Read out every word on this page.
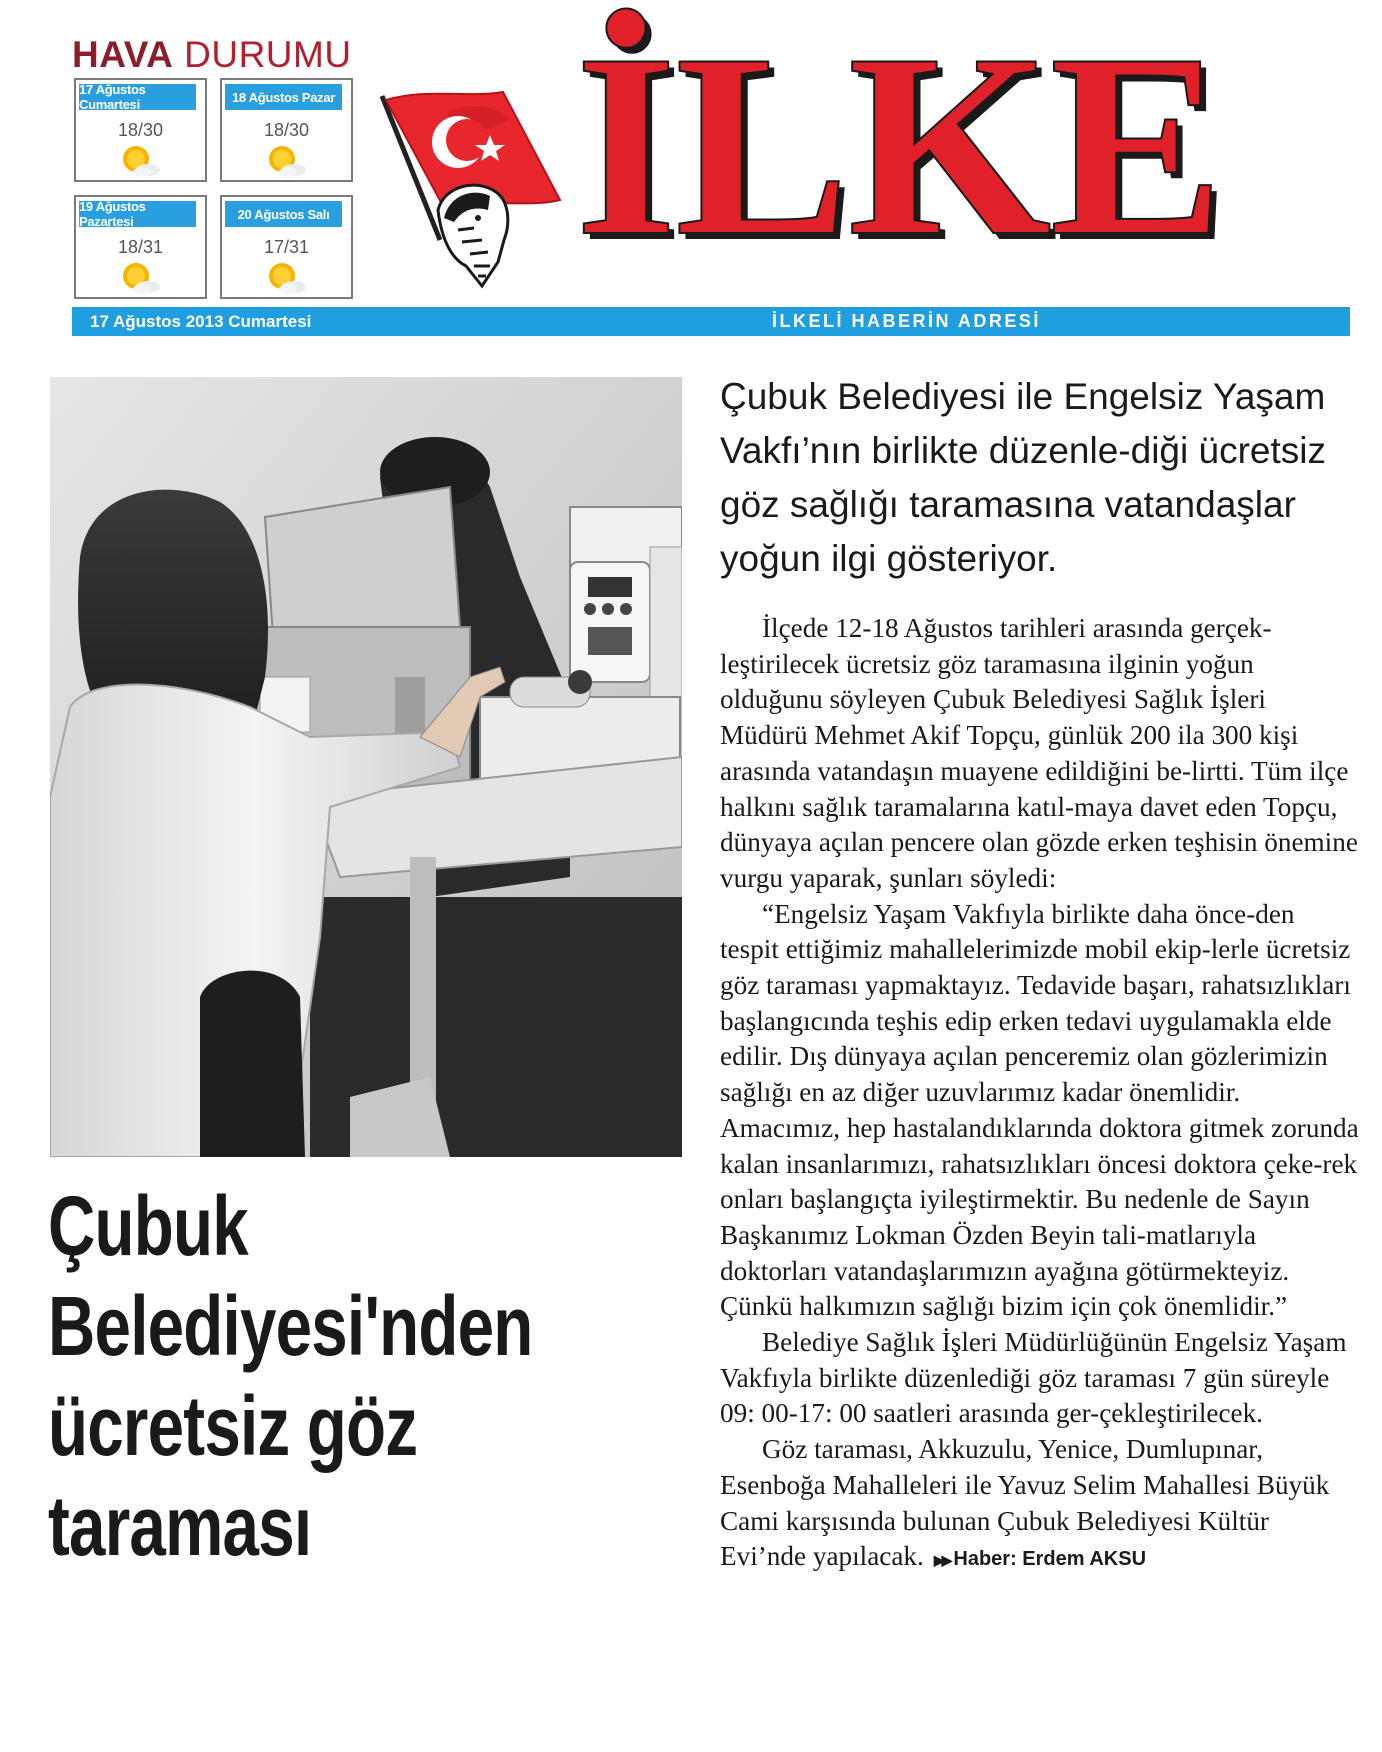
HAVA DURUMU
17 Ağustos Cumartesi
18/30
18 Ağustos Pazar
18/30
19 Ağustos Pazartesi
18/31
20 Ağustos Salı
17/31 İLKE
17 Ağustos 2013 Cumartesi	İLKELİ HABERİN ADRESİ
Çubuk Belediyesi'nden
ücretsiz göz taraması
Çubuk Belediyesi ile Engelsiz Yaşam Vakfı’nın birlikte düzenle-diği ücretsiz göz sağlığı taramasına vatandaşlar yoğun ilgi gösteriyor.

İlçede 12-18 Ağustos tarihleri arasında gerçek-leştirilecek ücretsiz göz taramasına ilginin yoğun olduğunu söyleyen Çubuk Belediyesi Sağlık İşleri Müdürü Mehmet Akif Topçu, günlük 200 ila 300 kişi arasında vatandaşın muayene edildiğini be-lirtti. Tüm ilçe halkını sağlık taramalarına katıl-maya davet eden Topçu, dünyaya açılan pencere olan gözde erken teşhisin önemine vurgu yaparak, şunları söyledi:

“Engelsiz Yaşam Vakfıyla birlikte daha önce-den tespit ettiğimiz mahallelerimizde mobil ekip-lerle ücretsiz göz taraması yapmaktayız. Tedavide başarı, rahatsızlıkları başlangıcında teşhis edip erken tedavi uygulamakla elde edilir. Dış dünyaya açılan penceremiz olan gözlerimizin sağlığı en az diğer uzuvlarımız kadar önemlidir. Amacımız, hep hastalandıklarında doktora gitmek zorunda kalan insanlarımızı, rahatsızlıkları öncesi doktora çeke-rek onları başlangıçta iyileştirmektir. Bu nedenle de Sayın Başkanımız Lokman Özden Beyin tali-matlarıyla doktorları vatandaşlarımızın ayağına götürmekteyiz. Çünkü halkımızın sağlığı bizim için çok önemlidir.”

Belediye Sağlık İşleri Müdürlüğünün Engelsiz Yaşam Vakfıyla birlikte düzenlediği göz taraması 7 gün süreyle 09: 00-17: 00 saatleri arasında ger-çekleştirilecek.

Göz taraması, Akkuzulu, Yenice, Dumlupınar, Esenboğa Mahalleleri ile Yavuz Selim Mahallesi Büyük Cami karşısında bulunan Çubuk Belediyesi Kültür Evi’nde yapılacak. ▶▶ Haber: Erdem AKSU
